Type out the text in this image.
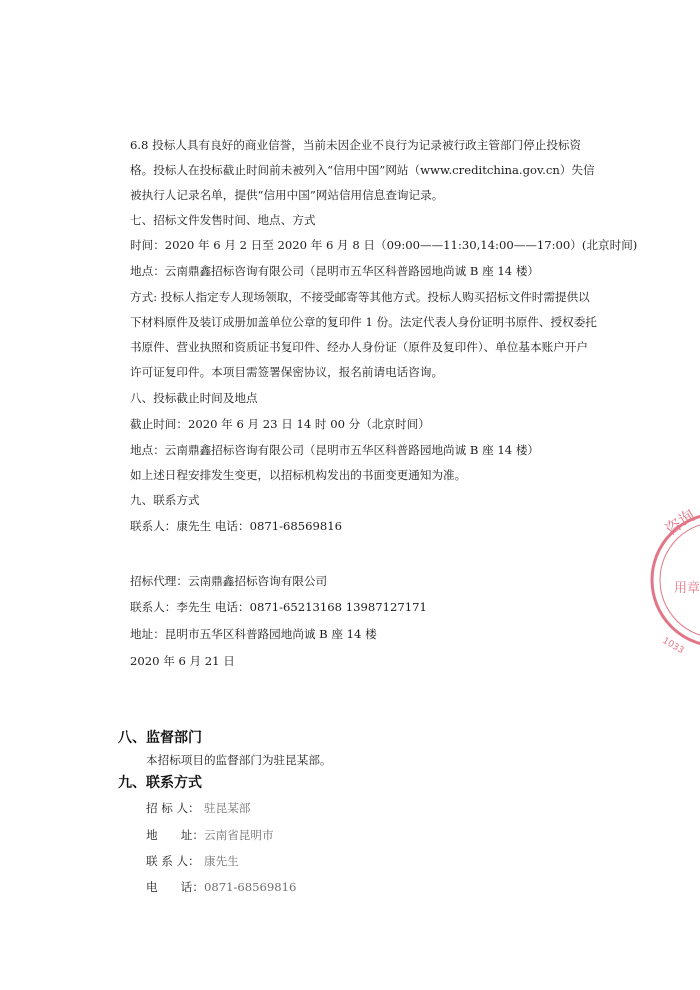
6.8 投标人具有良好的商业信誉，当前未因企业不良行为记录被行政主管部门停止投标资
格。投标人在投标截止时间前未被列入“信用中国”网站（www.creditchina.gov.cn）失信
被执行人记录名单，提供“信用中国”网站信用信息查询记录。
七、招标文件发售时间、地点、方式
时间：2020 年 6 月 2 日至 2020 年 6 月 8 日（09:00——11:30,14:00——17:00）(北京时间)
地点：云南鼎鑫招标咨询有限公司（昆明市五华区科普路园地尚诚 B 座 14 楼）
方式: 投标人指定专人现场领取，不接受邮寄等其他方式。投标人购买招标文件时需提供以
下材料原件及装订成册加盖单位公章的复印件 1 份。法定代表人身份证明书原件、授权委托
书原件、营业执照和资质证书复印件、经办人身份证（原件及复印件）、单位基本账户开户
许可证复印件。本项目需签署保密协议，报名前请电话咨询。
八、投标截止时间及地点
截止时间：2020 年 6 月 23 日 14 时 00 分（北京时间）
地点：云南鼎鑫招标咨询有限公司（昆明市五华区科普路园地尚诚 B 座 14 楼）
如上述日程安排发生变更，以招标机构发出的书面变更通知为准。
九、联系方式
联系人：康先生 电话：0871-68569816
招标代理：云南鼎鑫招标咨询有限公司
联系人：李先生 电话：0871-65213168 13987127171
地址：昆明市五华区科普路园地尚诚 B 座 14 楼
2020 年 6 月 21 日
八、监督部门
本招标项目的监督部门为驻昆某部。
九、联系方式
招 标 人： 驻昆某部
地　　址： 云南省昆明市
联 系 人： 康先生
电　　话： 0871-68569816
咨询
用章
1033
